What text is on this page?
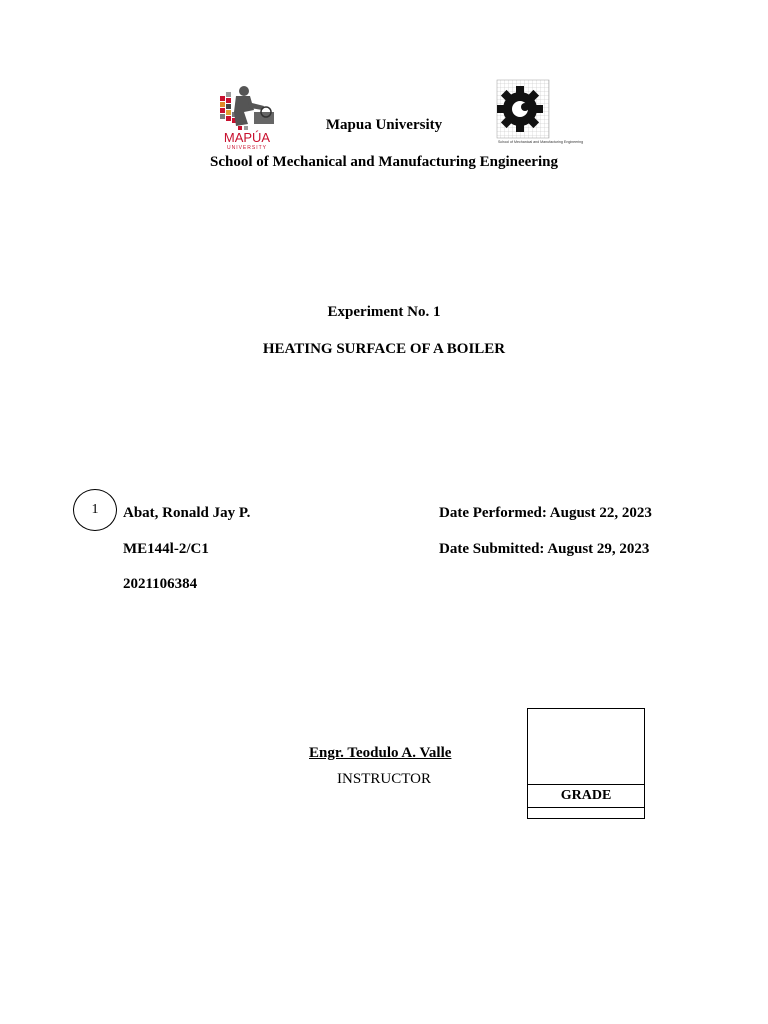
MAPÚA
UNIVERSITY
Mapua University
School of Mechanical and Manufacturing Engineering
School of Mechanical and Manufacturing Engineering
Experiment No. 1
HEATING SURFACE OF A BOILER
1 Abat, Ronald Jay P.
ME144l-2/C1
2021106384
Date Performed: August 22, 2023
Date Submitted: August 29, 2023
Engr. Teodulo A. Valle
INSTRUCTOR
GRADE
